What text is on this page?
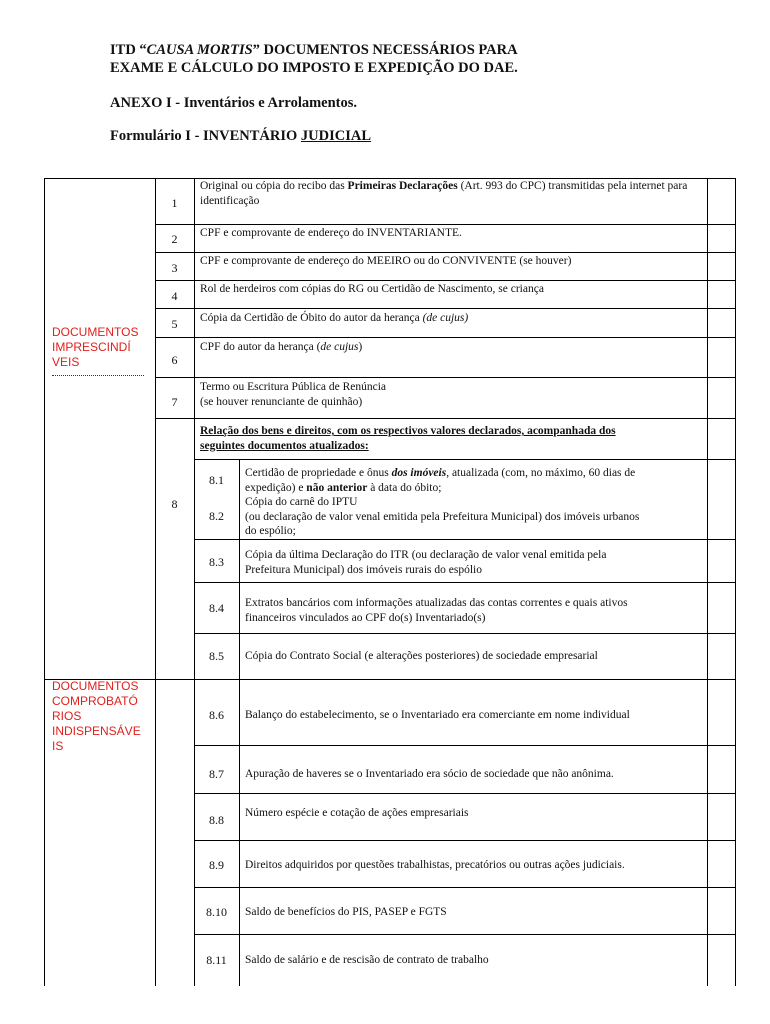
ITD “CAUSA MORTIS” DOCUMENTOS NECESSÁRIOS PARA
EXAME E CÁLCULO DO IMPOSTO E EXPEDIÇÃO DO DAE.
ANEXO I - Inventários e Arrolamentos.
Formulário I - INVENTÁRIO JUDICIAL
DOCUMENTOS
IMPRESCINDÍ
VEIS
DOCUMENTOS
COMPROBATÓ
RIOS
INDISPENSÁVE
IS
1
2
3
4
5
6
7
8
Original ou cópia do recibo das Primeiras Declarações (Art. 993 do CPC) transmitidas pela internet para identificação
CPF e comprovante de endereço do INVENTARIANTE.
CPF e comprovante de endereço do MEEIRO ou do CONVIVENTE (se houver)
Rol de herdeiros com cópias do RG ou Certidão de Nascimento, se criança
Cópia da Certidão de Óbito do autor da herança (de cujus)
CPF do autor da herança (de cujus)
Termo ou Escritura Pública de Renúncia
(se houver renunciante de quinhão)
Relação dos bens e direitos, com os respectivos valores declarados, acompanhada dos
seguintes documentos atualizados:
8.1
8.2
8.3
8.4
8.5
8.6
8.7
8.8
8.9
8.10
8.11
Certidão de propriedade e ônus dos imóveis, atualizada (com, no máximo, 60 dias de
expedição) e não anterior à data do óbito;
Cópia do carnê do IPTU
(ou declaração de valor venal emitida pela Prefeitura Municipal) dos imóveis urbanos
do espólio;
Cópia da última Declaração do ITR (ou declaração de valor venal emitida pela
Prefeitura Municipal) dos imóveis rurais do espólio
Extratos bancários com informações atualizadas das contas correntes e quais ativos
financeiros vinculados ao CPF do(s) Inventariado(s)
Cópia do Contrato Social (e alterações posteriores) de sociedade empresarial
Balanço do estabelecimento, se o Inventariado era comerciante em nome individual
Apuração de haveres se o Inventariado era sócio de sociedade que não anônima.
Número espécie e cotação de ações empresariais
Direitos adquiridos por questões trabalhistas, precatórios ou outras ações judiciais.
Saldo de benefícios do PIS, PASEP e FGTS
Saldo de salário e de rescisão de contrato de trabalho
